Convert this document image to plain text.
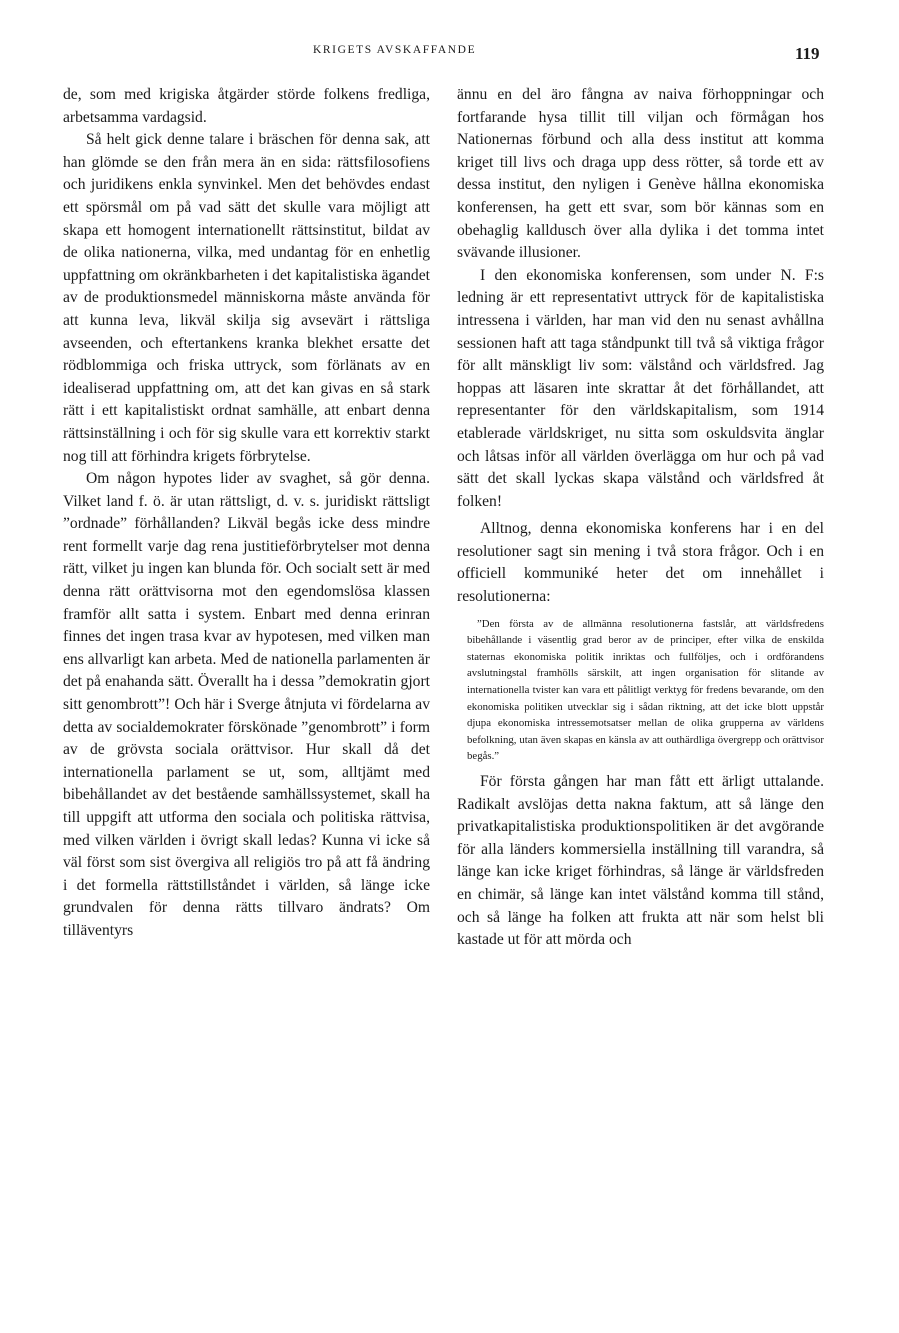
KRIGETS AVSKAFFANDE	119

de, som med krigiska åtgärder störde folkens fredliga, arbetsamma vardagsid.

Så helt gick denne talare i bräschen för denna sak, att han glömde se den från mera än en sida: rättsfilosofiens och juridikens enkla synvinkel. Men det behövdes endast ett spörsmål om på vad sätt det skulle vara möjligt att skapa ett homogent internationellt rättsinstitut, bildat av de olika nationerna, vilka, med undantag för en enhetlig uppfattning om okränkbarheten i det kapitalistiska ägandet av de produktionsmedel människorna måste använda för att kunna leva, likväl skilja sig avsevärt i rättsliga avseenden, och eftertankens kranka blekhet ersatte det rödblommiga och friska uttryck, som förlänats av en idealiserad uppfattning om, att det kan givas en så stark rätt i ett kapitalistiskt ordnat samhälle, att enbart denna rättsinställning i och för sig skulle vara ett korrektiv starkt nog till att förhindra krigets förbrytelse.

Om någon hypotes lider av svaghet, så gör denna. Vilket land f. ö. är utan rättsligt, d. v. s. juridiskt rättsligt ”ordnade” förhållanden? Likväl begås icke dess mindre rent formellt varje dag rena justitieförbrytelser mot denna rätt, vilket ju ingen kan blunda för. Och socialt sett är med denna rätt orättvisorna mot den egendomslösa klassen framför allt satta i system. Enbart med denna erinran finnes det ingen trasa kvar av hypotesen, med vilken man ens allvarligt kan arbeta. Med de nationella parlamenten är det på enahanda sätt. Överallt ha i dessa ”demokratin gjort sitt genombrott”! Och här i Sverge åtnjuta vi fördelarna av detta av socialdemokrater förskönade ”genombrott” i form av de grövsta sociala orättvisor. Hur skall då det internationella parlament se ut, som, alltjämt med bibehållandet av det bestående samhällssystemet, skall ha till uppgift att utforma den sociala och politiska rättvisa, med vilken världen i övrigt skall ledas? Kunna vi icke så väl först som sist övergiva all religiös tro på att få ändring i det formella rättstillståndet i världen, så länge icke grundvalen för denna rätts tillvaro ändrats? Om tilläventyrs

ännu en del äro fångna av naiva förhoppningar och fortfarande hysa tillit till viljan och förmågan hos Nationernas förbund och alla dess institut att komma kriget till livs och draga upp dess rötter, så torde ett av dessa institut, den nyligen i Genève hållna ekonomiska konferensen, ha gett ett svar, som bör kännas som en obehaglig kalldusch över alla dylika i det tomma intet svävande illusioner.

I den ekonomiska konferensen, som under N. F:s ledning är ett representativt uttryck för de kapitalistiska intressena i världen, har man vid den nu senast avhållna sessionen haft att taga ståndpunkt till två så viktiga frågor för allt mänskligt liv som: välstånd och världsfred. Jag hoppas att läsaren inte skrattar åt det förhållandet, att representanter för den världskapitalism, som 1914 etablerade världskriget, nu sitta som oskuldsvita änglar och låtsas inför all världen överlägga om hur och på vad sätt det skall lyckas skapa välstånd och världsfred åt folken!

Alltnog, denna ekonomiska konferens har i en del resolutioner sagt sin mening i två stora frågor. Och i en officiell kommuniké heter det om innehållet i resolutionerna:

”Den första av de allmänna resolutionerna fastslår, att världsfredens bibehållande i väsentlig grad beror av de principer, efter vilka de enskilda staternas ekonomiska politik inriktas och fullföljes, och i ordförandens avslutningstal framhölls särskilt, att ingen organisation för slitande av internationella tvister kan vara ett pålitligt verktyg för fredens bevarande, om den ekonomiska politiken utvecklar sig i sådan riktning, att det icke blott uppstår djupa ekonomiska intressemotsatser mellan de olika grupperna av världens befolkning, utan även skapas en känsla av att outhärdliga övergrepp och orättvisor begås.”

För första gången har man fått ett ärligt uttalande. Radikalt avslöjas detta nakna faktum, att så länge den privatkapitalistiska produktionspolitiken är det avgörande för alla länders kommersiella inställning till varandra, så länge kan icke kriget förhindras, så länge är världsfreden en chimär, så länge kan intet välstånd komma till stånd, och så länge ha folken att frukta att när som helst bli kastade ut för att mörda och
